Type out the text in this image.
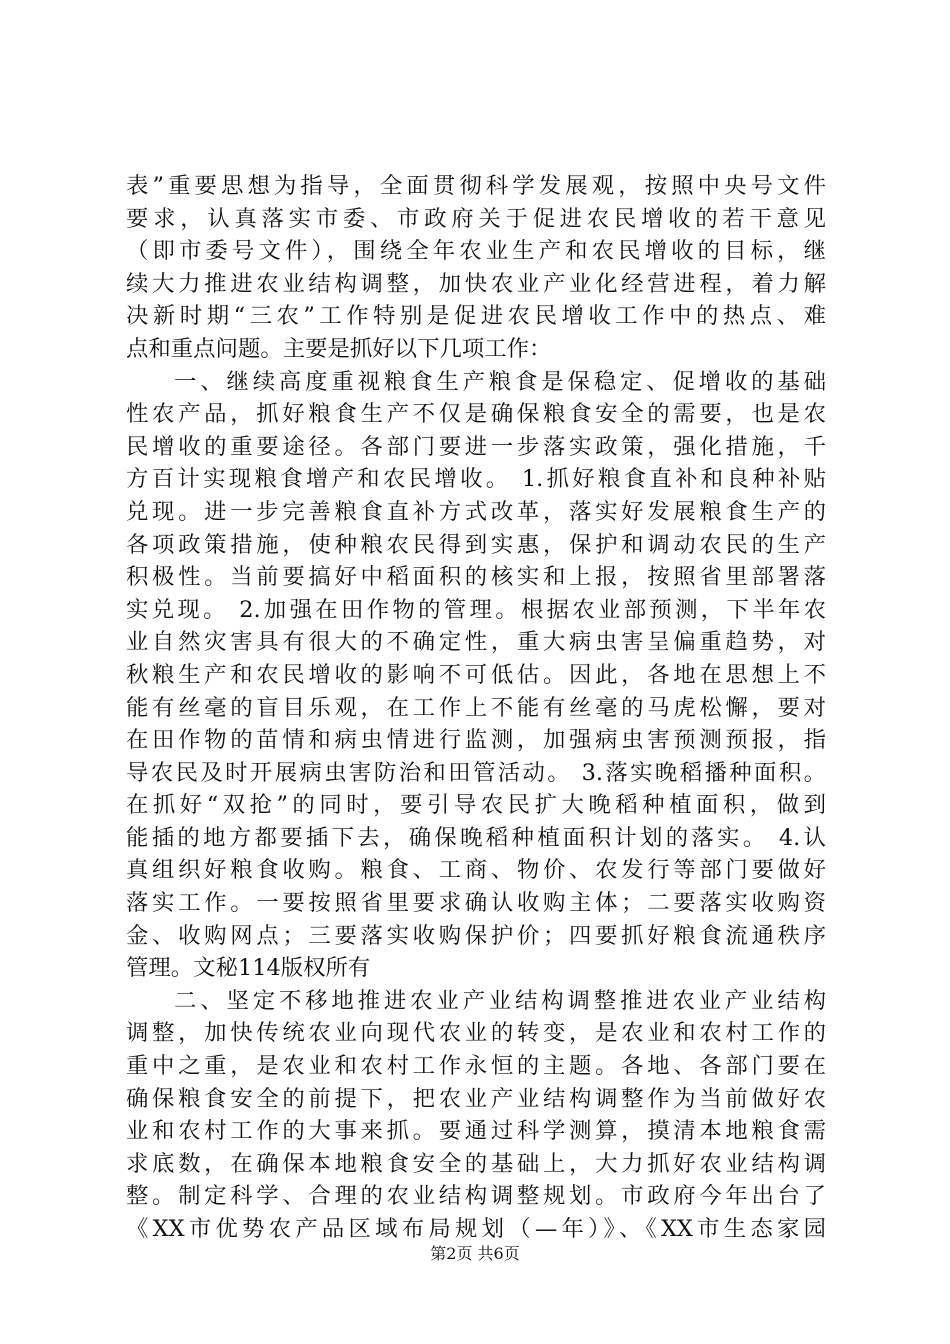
表”重要思想为指导，全面贯彻科学发展观，按照中央号文件
要求，认真落实市委、市政府关于促进农民增收的若干意见
（即市委号文件），围绕全年农业生产和农民增收的目标，继
续大力推进农业结构调整，加快农业产业化经营进程，着力解
决新时期“三农”工作特别是促进农民增收工作中的热点、难
点和重点问题。主要是抓好以下几项工作：
一、继续高度重视粮食生产粮食是保稳定、促增收的基础
性农产品，抓好粮食生产不仅是确保粮食安全的需要，也是农
民增收的重要途径。各部门要进一步落实政策，强化措施，千
方百计实现粮食增产和农民增收。 1.抓好粮食直补和良种补贴
兑现。进一步完善粮食直补方式改革，落实好发展粮食生产的
各项政策措施，使种粮农民得到实惠，保护和调动农民的生产
积极性。当前要搞好中稻面积的核实和上报，按照省里部署落
实兑现。 2.加强在田作物的管理。根据农业部预测，下半年农
业自然灾害具有很大的不确定性，重大病虫害呈偏重趋势，对
秋粮生产和农民增收的影响不可低估。因此，各地在思想上不
能有丝毫的盲目乐观，在工作上不能有丝毫的马虎松懈，要对
在田作物的苗情和病虫情进行监测，加强病虫害预测预报，指
导农民及时开展病虫害防治和田管活动。 3.落实晚稻播种面积。
在抓好“双抢”的同时，要引导农民扩大晚稻种植面积，做到
能插的地方都要插下去，确保晚稻种植面积计划的落实。 4.认
真组织好粮食收购。粮食、工商、物价、农发行等部门要做好
落实工作。一要按照省里要求确认收购主体；二要落实收购资
金、收购网点；三要落实收购保护价；四要抓好粮食流通秩序
管理。文秘114版权所有
二、坚定不移地推进农业产业结构调整推进农业产业结构
调整，加快传统农业向现代农业的转变，是农业和农村工作的
重中之重，是农业和农村工作永恒的主题。各地、各部门要在
确保粮食安全的前提下，把农业产业结构调整作为当前做好农
业和农村工作的大事来抓。要通过科学测算，摸清本地粮食需
求底数，在确保本地粮食安全的基础上，大力抓好农业结构调
整。制定科学、合理的农业结构调整规划。市政府今年出台了
《XX市优势农产品区域布局规划（—年）》、《XX市生态家园
第2页 共6页
